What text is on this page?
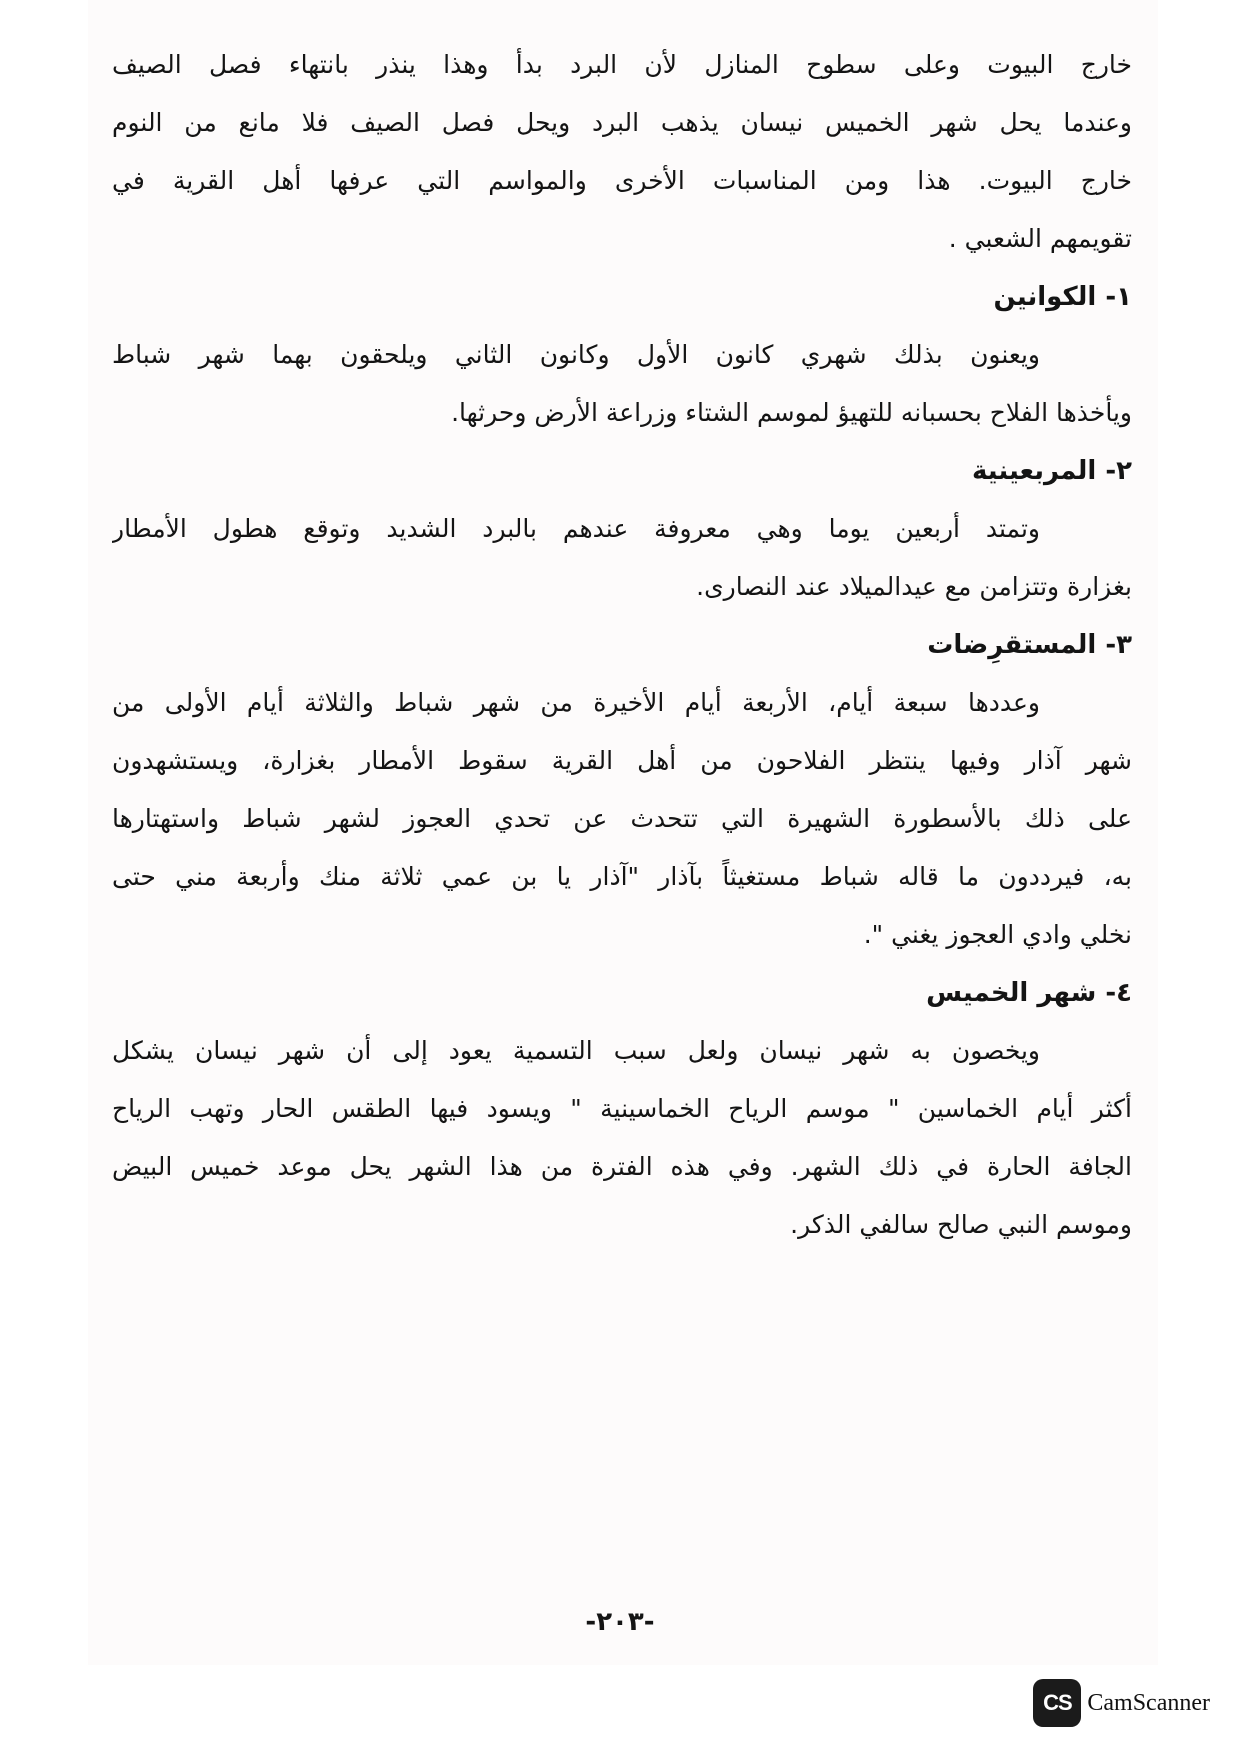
خارج البيوت وعلى سطوح المنازل لأن البرد بدأ وهذا ينذر بانتهاء فصل الصيف
وعندما يحل شهر الخميس نيسان يذهب البرد ويحل فصل الصيف فلا مانع من النوم
خارج البيوت. هذا ومن المناسبات الأخرى والمواسم التي عرفها أهل القرية في
تقويمهم الشعبي .
١- الكوانين
ويعنون بذلك شهري كانون الأول وكانون الثاني ويلحقون بهما شهر شباط
ويأخذها الفلاح بحسبانه للتهيؤ لموسم الشتاء وزراعة الأرض وحرثها.
٢- المربعينية
وتمتد أربعين يوما وهي معروفة عندهم بالبرد الشديد وتوقع هطول الأمطار
بغزارة وتتزامن مع عيدالميلاد عند النصارى.
٣- المستقرِضات
وعددها سبعة أيام، الأربعة أيام الأخيرة من شهر شباط والثلاثة أيام الأولى من
شهر آذار وفيها ينتظر الفلاحون من أهل القرية سقوط الأمطار بغزارة، ويستشهدون
على ذلك بالأسطورة الشهيرة التي تتحدث عن تحدي العجوز لشهر شباط واستهتارها
به، فيرددون ما قاله شباط مستغيثاً بآذار "آذار يا بن عمي ثلاثة منك وأربعة مني حتى
نخلي وادي العجوز يغني ".
٤- شهر الخميس
ويخصون به شهر نيسان ولعل سبب التسمية يعود إلى أن شهر نيسان يشكل
أكثر أيام الخماسين " موسم الرياح الخماسينية " ويسود فيها الطقس الحار وتهب الرياح
الجافة الحارة في ذلك الشهر. وفي هذه الفترة من هذا الشهر يحل موعد خميس البيض
وموسم النبي صالح سالفي الذكر.
-٢٠٣-
CS CamScanner
